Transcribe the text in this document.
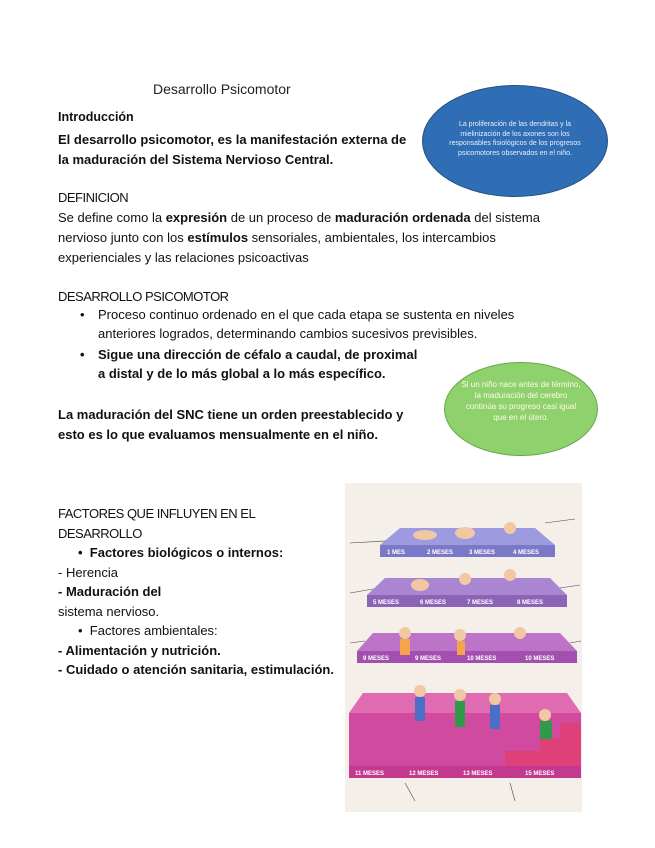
Desarrollo Psicomotor
Introducción
El desarrollo psicomotor, es la manifestación externa de la maduración del Sistema Nervioso Central.
La proliferación de las dendritas y la mielinización de los axones son los responsables fisiológicos de los progresos psicomotores observados en el niño.
DEFINICION
Se define como la expresión de un proceso de maduración ordenada del sistema nervioso junto con los estímulos sensoriales, ambientales, los intercambios experienciales y las relaciones psicoactivas
DESARROLLO PSICOMOTOR
• Proceso continuo ordenado en el que cada etapa se sustenta en niveles anteriores logrados, determinando cambios sucesivos previsibles.
• Sigue una dirección de céfalo a caudal, de proximal a distal y de lo más global a lo más específico.
Si un niño nace antes de término, la maduración del cerebro continúa su progreso casi igual que en el útero.
La maduración del SNC tiene un orden preestablecido y esto es lo que evaluamos mensualmente en el niño.
FACTORES QUE INFLUYEN EN EL DESARROLLO
•  Factores biológicos o internos:
- Herencia
- Maduración del
sistema nervioso.
•  Factores ambientales:
- Alimentación y nutrición.
- Cuidado o atención sanitaria, estimulación.
1 MES	2 MESES	3 MESES	4 MESES
5 MESES	6 MESES	7 MESES	8 MESES
9 MESES	9 MESES	10 MESES	10 MESES
11 MESES	12 MESES	13 MESES	15 MESES
